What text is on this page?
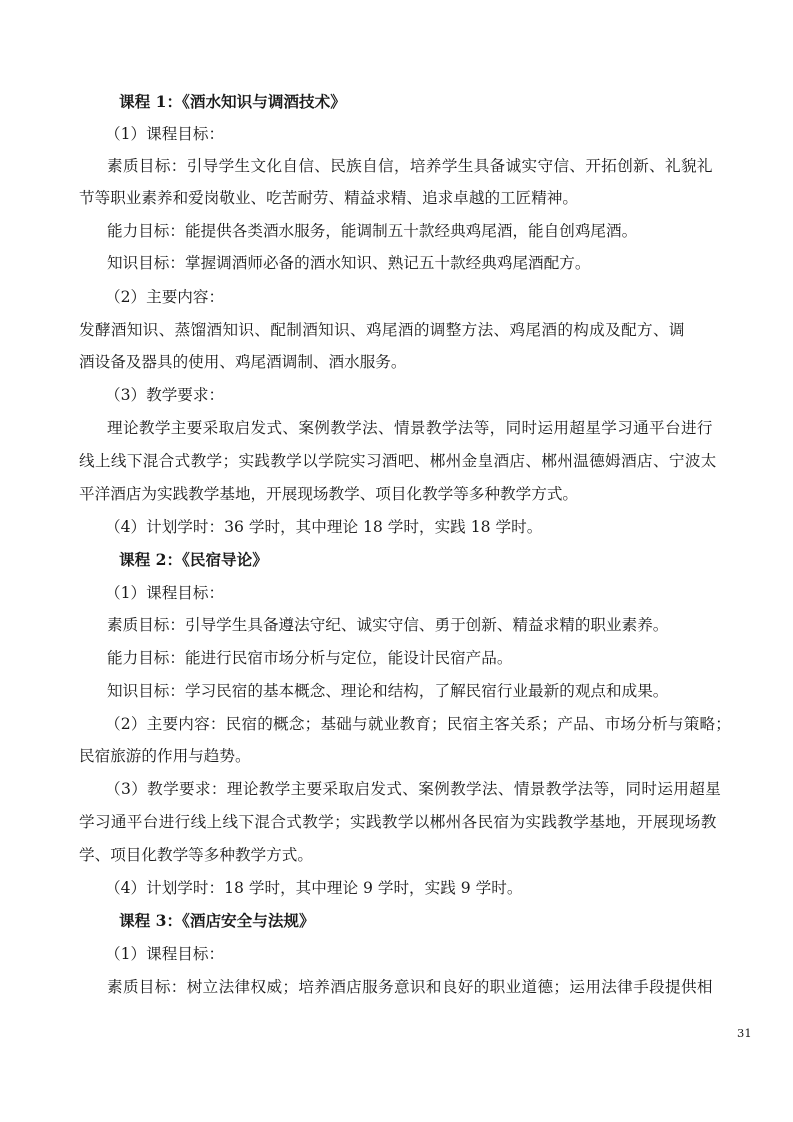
课程 1：《酒水知识与调酒技术》
（1）课程目标：
素质目标：引导学生文化自信、民族自信，培养学生具备诚实守信、开拓创新、礼貌礼
节等职业素养和爱岗敬业、吃苦耐劳、精益求精、追求卓越的工匠精神。
能力目标：能提供各类酒水服务，能调制五十款经典鸡尾酒，能自创鸡尾酒。
知识目标：掌握调酒师必备的酒水知识、熟记五十款经典鸡尾酒配方。
（2）主要内容：
发酵酒知识、蒸馏酒知识、配制酒知识、鸡尾酒的调整方法、鸡尾酒的构成及配方、调
酒设备及器具的使用、鸡尾酒调制、酒水服务。
（3）教学要求：
理论教学主要采取启发式、案例教学法、情景教学法等，同时运用超星学习通平台进行
线上线下混合式教学；实践教学以学院实习酒吧、郴州金皇酒店、郴州温德姆酒店、宁波太
平洋酒店为实践教学基地，开展现场教学、项目化教学等多种教学方式。
（4）计划学时：36 学时，其中理论 18 学时，实践 18 学时。
课程 2：《民宿导论》
（1）课程目标：
素质目标：引导学生具备遵法守纪、诚实守信、勇于创新、精益求精的职业素养。
能力目标：能进行民宿市场分析与定位，能设计民宿产品。
知识目标：学习民宿的基本概念、理论和结构，了解民宿行业最新的观点和成果。
（2）主要内容：民宿的概念；基础与就业教育；民宿主客关系；产品、市场分析与策略；
民宿旅游的作用与趋势。
（3）教学要求：理论教学主要采取启发式、案例教学法、情景教学法等，同时运用超星
学习通平台进行线上线下混合式教学；实践教学以郴州各民宿为实践教学基地，开展现场教
学、项目化教学等多种教学方式。
（4）计划学时：18 学时，其中理论 9 学时，实践 9 学时。
课程 3：《酒店安全与法规》
（1）课程目标：
素质目标：树立法律权威；培养酒店服务意识和良好的职业道德；运用法律手段提供相
31
